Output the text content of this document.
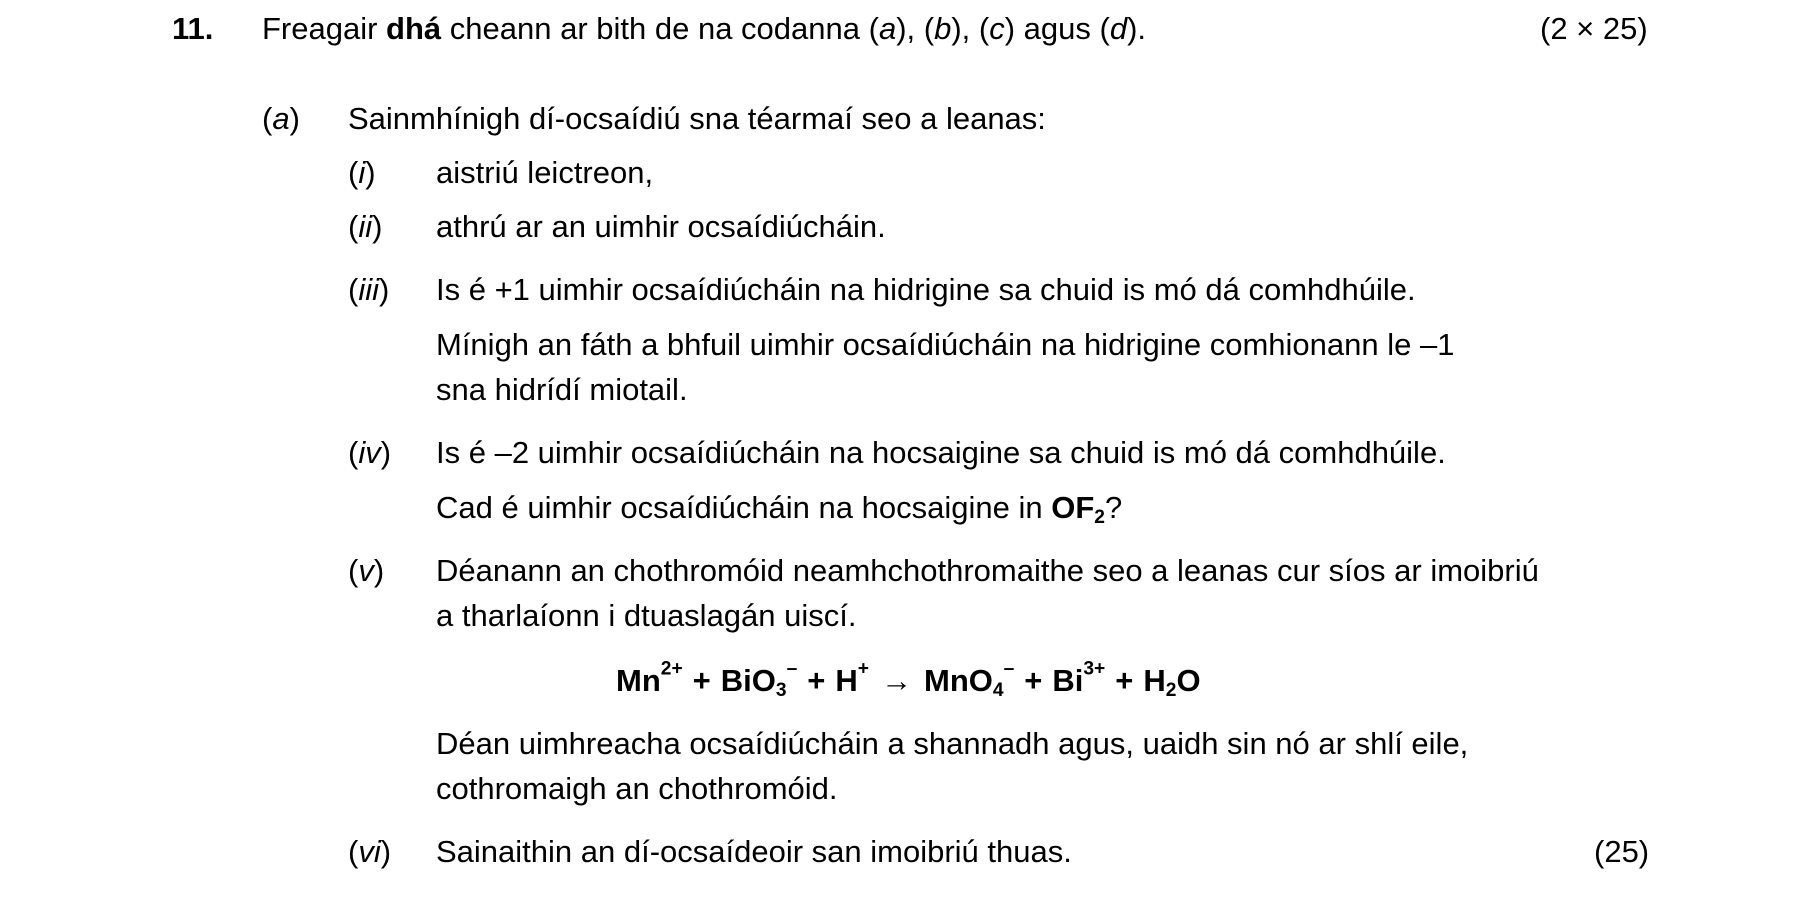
11. Freagair dhá cheann ar bith de na codanna (a), (b), (c) agus (d).	(2 × 25)
(a) Sainmhínigh dí-ocsaídiú sna téarmaí seo a leanas:
(i) aistriú leictreon,
(ii) athrú ar an uimhir ocsaídiúcháin.
(iii) Is é +1 uimhir ocsaídiúcháin na hidrigine sa chuid is mó dá comhdhúile.
Mínigh an fáth a bhfuil uimhir ocsaídiúcháin na hidrigine comhionann le –1
sna hidrídí miotail.
(iv) Is é –2 uimhir ocsaídiúcháin na hocsaigine sa chuid is mó dá comhdhúile.
Cad é uimhir ocsaídiúcháin na hocsaigine in $OF_2$?
(v) Déanann an chothromóid neamhchothromaithe seo a leanas cur síos ar imoibriú
a tharlaíonn i dtuaslagán uiscí.
$Mn^{2+} + BiO_3^- + H^+ \to MnO_4^- + Bi^{3+} + H_2O$
Déan uimhreacha ocsaídiúcháin a shannadh agus, uaidh sin nó ar shlí eile,
cothromaigh an chothromóid.
(vi) Sainaithin an dí-ocsaídeoir san imoibriú thuas.	(25)
